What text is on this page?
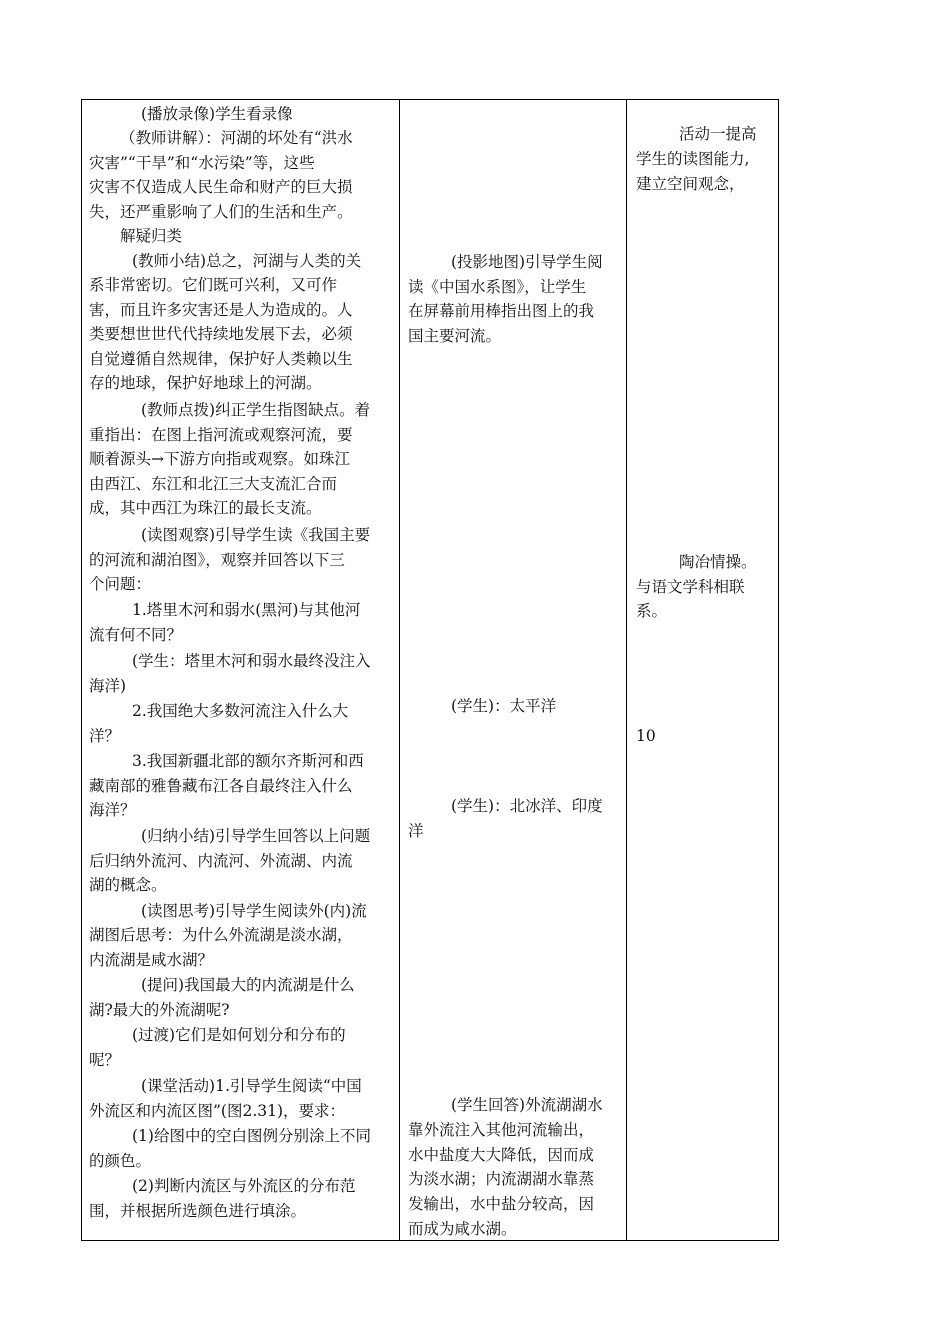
(播放录像)学生看录像

（教师讲解）：河湖的坏处有“洪水

灾害”“干旱”和“水污染”等，这些

灾害不仅造成人民生命和财产的巨大损

失，还严重影响了人们的生活和生产。

解疑归类

(教师小结)总之，河湖与人类的关

系非常密切。它们既可兴利，又可作

害，而且许多灾害还是人为造成的。人

类要想世世代代持续地发展下去，必须

自觉遵循自然规律，保护好人类赖以生

存的地球，保护好地球上的河湖。

(教师点拨)纠正学生指图缺点。着

重指出：在图上指河流或观察河流，要

顺着源头→下游方向指或观察。如珠江

由西江、东江和北江三大支流汇合而

成，其中西江为珠江的最长支流。

(读图观察)引导学生读《我国主要

的河流和湖泊图》，观察并回答以下三

个问题：

1.塔里木河和弱水(黑河)与其他河

流有何不同？

(学生：塔里木河和弱水最终没注入

海洋)

2.我国绝大多数河流注入什么大

洋？

3.我国新疆北部的额尔齐斯河和西

藏南部的雅鲁藏布江各自最终注入什么

海洋？

(归纳小结)引导学生回答以上问题

后归纳外流河、内流河、外流湖、内流

湖的概念。

(读图思考)引导学生阅读外(内)流

湖图后思考：为什么外流湖是淡水湖，

内流湖是咸水湖？

(提问)我国最大的内流湖是什么

湖?最大的外流湖呢?

(过渡)它们是如何划分和分布的

呢？

(课堂活动)1.引导学生阅读“中国

外流区和内流区图”(图2.31)，要求：

(1)给图中的空白图例分别涂上不同

的颜色。

(2)判断内流区与外流区的分布范

围，并根据所选颜色进行填涂。

(投影地图)引导学生阅

读《中国水系图》，让学生

在屏幕前用棒指出图上的我

国主要河流。

(学生)：太平洋

(学生)：北冰洋、印度

洋

(学生回答)外流湖湖水

靠外流注入其他河流输出，

水中盐度大大降低，因而成

为淡水湖；内流湖湖水靠蒸

发输出，水中盐分较高，因

而成为咸水湖。

活动一提高

学生的读图能力,

建立空间观念，

陶冶情操。

与语文学科相联

系。

10
